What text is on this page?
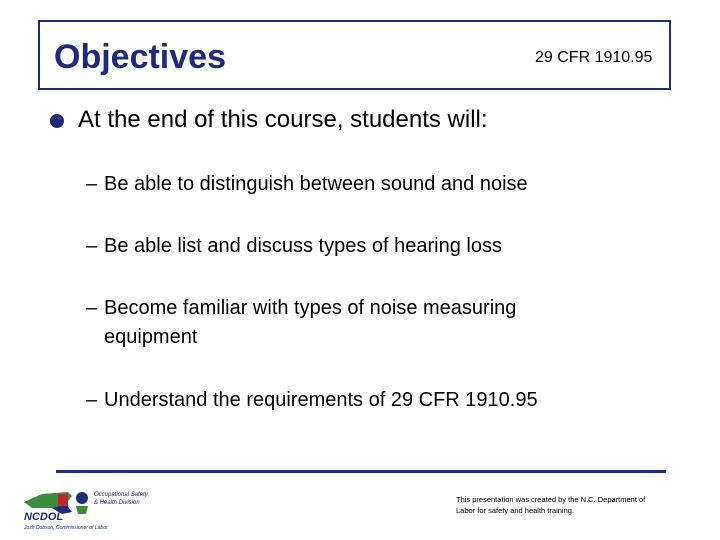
Objectives	29 CFR 1910.95
At the end of this course, students will:
– Be able to distinguish between sound and noise
– Be able list and discuss types of hearing loss
– Become familiar with types of noise measuring equipment
– Understand the requirements of 29 CFR 1910.95
NCDOL
Occupational Safety
& Health Division
Josh Dobson, Commissioner of Labor
This presentation was created by the N.C. Department of Labor for safety and health training.
